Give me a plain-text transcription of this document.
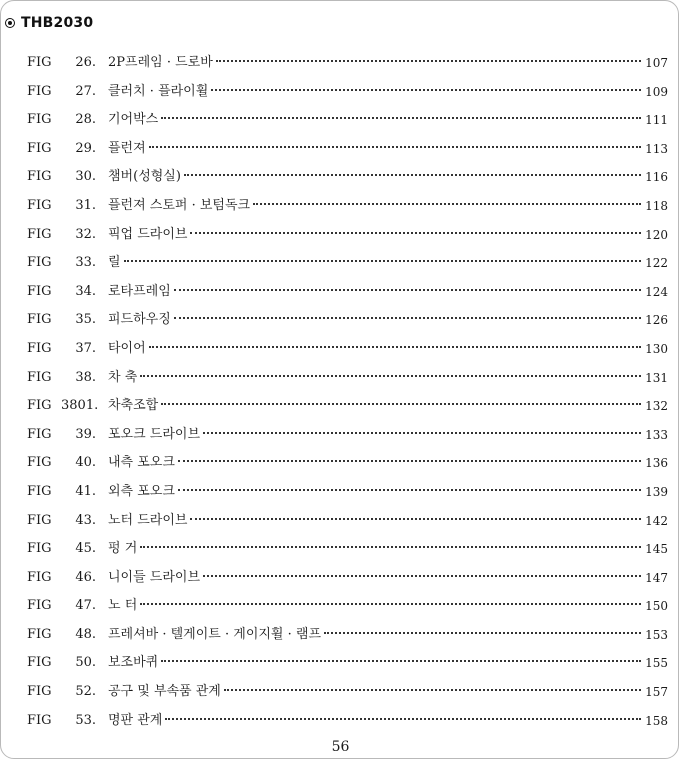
THB2030
FIG	26. 2P프레임 · 드로바	107
FIG	27. 클러치 · 플라이휠	109
FIG	28. 기어박스	111
FIG	29. 플런져	113
FIG	30. 챔버(성형실)	116
FIG	31. 플런져 스토퍼 · 보텀독크	118
FIG	32. 픽업 드라이브	120
FIG	33. 릴	122
FIG	34. 로타프레임	124
FIG	35. 피드하우징	126
FIG	37. 타이어	130
FIG	38. 차 축	131
FIG 3801. 차축조합	132
FIG	39. 포오크 드라이브	133
FIG	40. 내측 포오크	136
FIG	41. 외측 포오크	139
FIG	43. 노터 드라이브	142
FIG	45. 펑 거	145
FIG	46. 니이들 드라이브	147
FIG	47. 노 터	150
FIG	48. 프레셔바 · 텔게이트 · 게이지휠 · 램프	153
FIG	50. 보조바퀴	155
FIG	52. 공구 및 부속품 관계	157
FIG	53. 명판 관계	158
56
